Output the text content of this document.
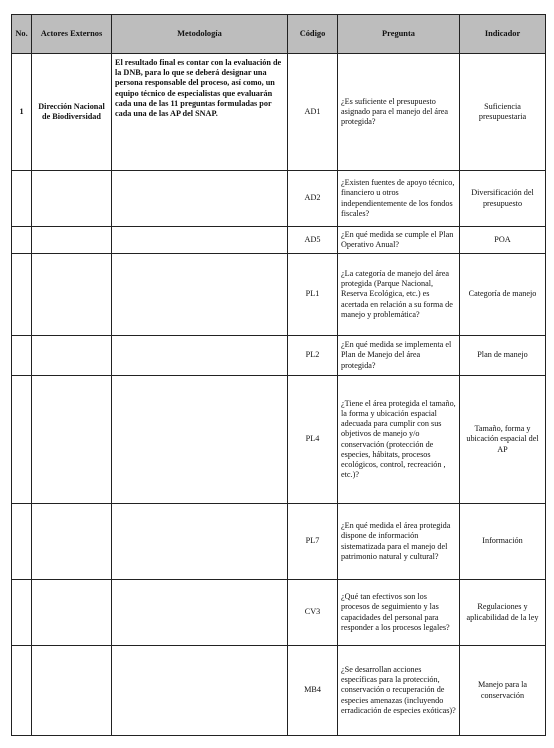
No.	Actores Externos	Metodología	Código	Pregunta	Indicador
1	Dirección Nacional de Biodiversidad	El resultado final es contar con la evaluación de la DNB, para lo que se deberá designar una persona responsable del proceso, así como, un equipo técnico de especialistas que evaluarán cada una de las 11 preguntas formuladas por cada una de las AP del SNAP.	AD1	¿Es suficiente el presupuesto asignado para el manejo del área protegida?	Suficiencia presupuestaria
			AD2	¿Existen fuentes de apoyo técnico, financiero u otros independientemente de los fondos fiscales?	Diversificación del presupuesto
			AD5	¿En qué medida se cumple el Plan Operativo Anual?	POA
			PL1	¿La categoría de manejo del área protegida (Parque Nacional, Reserva Ecológica, etc.) es acertada en relación a su forma de manejo y problemática?	Categoría de manejo
			PL2	¿En qué medida se implementa el Plan de Manejo del área protegida?	Plan de manejo
			PL4	¿Tiene el área protegida el tamaño, la forma y ubicación espacial adecuada para cumplir con sus objetivos de manejo y/o conservación (protección de especies, hábitats, procesos ecológicos, control, recreación , etc.)?	Tamaño, forma y ubicación espacial del AP
			PL7	¿En qué medida el área protegida dispone de información sistematizada para el manejo del patrimonio natural y cultural?	Información
			CV3	¿Qué tan efectivos son los procesos de seguimiento y las capacidades del personal para responder a los procesos legales?	Regulaciones y aplicabilidad de la ley
			MB4	¿Se desarrollan acciones específicas para la protección, conservación o recuperación de especies amenazas (incluyendo erradicación de especies exóticas)?	Manejo para la conservación
